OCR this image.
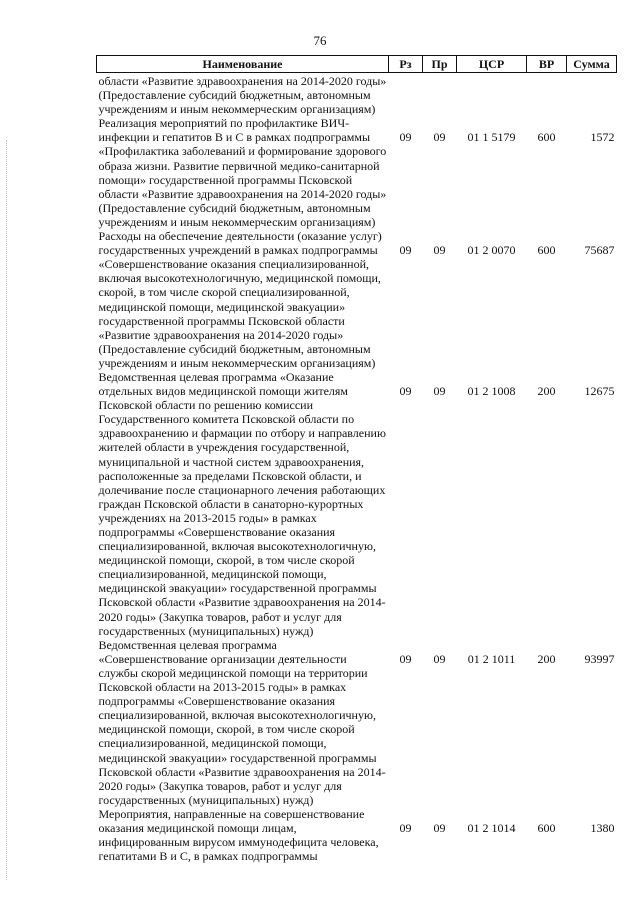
76
Наименование	Рз	Пр	ЦСР	ВР	Сумма
области «Развитие здравоохранения на 2014-2020 годы» (Предоставление субсидий бюджетным, автономным учреждениям и иным некоммерческим организациям)					
Реализация мероприятий по профилактике ВИЧ-инфекции и гепатитов В и С в рамках подпрограммы «Профилактика заболеваний и формирование здорового образа жизни. Развитие первичной медико-санитарной помощи» государственной программы Псковской области «Развитие здравоохранения на 2014-2020 годы» (Предоставление субсидий бюджетным, автономным учреждениям и иным некоммерческим организациям)	09	09	01 1 5179	600	1572
Расходы на обеспечение деятельности (оказание услуг) государственных учреждений в рамках подпрограммы «Совершенствование оказания специализированной, включая высокотехнологичную, медицинской помощи, скорой, в том числе скорой специализированной, медицинской помощи, медицинской эвакуации» государственной программы Псковской области «Развитие здравоохранения на 2014-2020 годы» (Предоставление субсидий бюджетным, автономным учреждениям и иным некоммерческим организациям)	09	09	01 2 0070	600	75687
Ведомственная целевая программа «Оказание отдельных видов медицинской помощи жителям Псковской области по решению комиссии Государственного комитета Псковской области по здравоохранению и фармации по отбору и направлению жителей области в учреждения государственной, муниципальной и частной систем здравоохранения, расположенные за пределами Псковской области, и долечивание после стационарного лечения работающих граждан Псковской области в санаторно-курортных учреждениях на 2013-2015 годы» в рамках подпрограммы «Совершенствование оказания специализированной, включая высокотехнологичную, медицинской помощи, скорой, в том числе скорой специализированной, медицинской помощи, медицинской эвакуации» государственной программы Псковской области «Развитие здравоохранения на 2014-2020 годы» (Закупка товаров, работ и услуг для государственных (муниципальных) нужд)	09	09	01 2 1008	200	12675
Ведомственная целевая программа «Совершенствование организации деятельности службы скорой медицинской помощи на территории Псковской области на 2013-2015 годы» в рамках подпрограммы «Совершенствование оказания специализированной, включая высокотехнологичную, медицинской помощи, скорой, в том числе скорой специализированной, медицинской помощи, медицинской эвакуации» государственной программы Псковской области «Развитие здравоохранения на 2014-2020 годы» (Закупка товаров, работ и услуг для государственных (муниципальных) нужд)	09	09	01 2 1011	200	93997
Мероприятия, направленные на совершенствование оказания медицинской помощи лицам, инфицированным вирусом иммунодефицита человека, гепатитами В и С, в рамках подпрограммы	09	09	01 2 1014	600	1380
